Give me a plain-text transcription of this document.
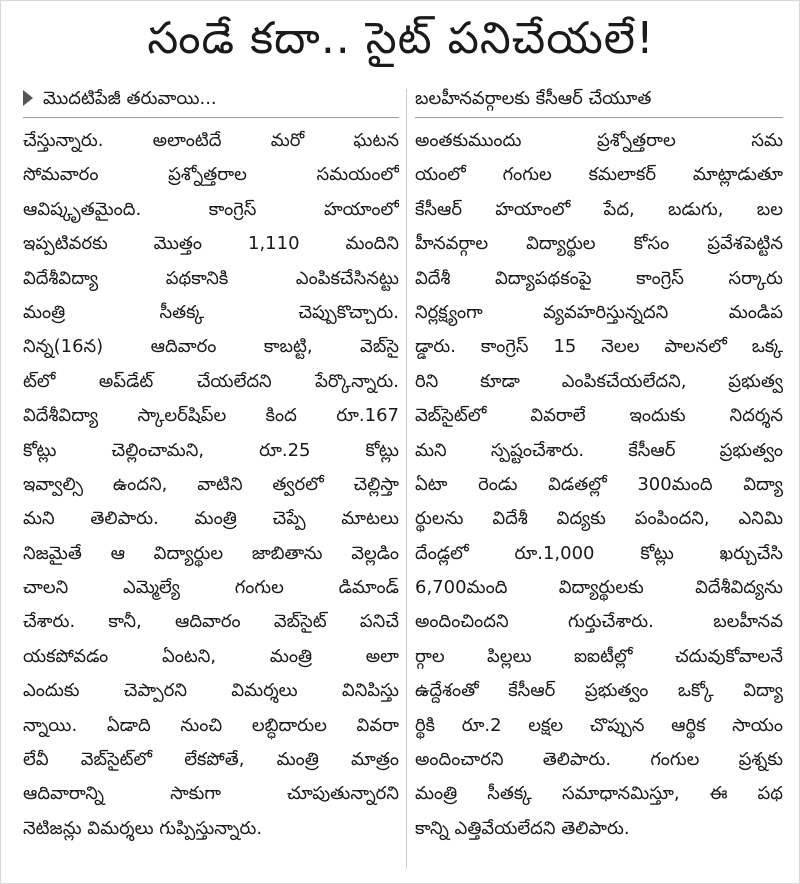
సండే కదా.. సైట్ పనిచేయలే!
మొదటిపేజీ తరువాయి...
చేస్తున్నారు. అలాంటిదే మరో ఘటన
సోమవారం ప్రశ్నోత్తరాల సమయంలో
ఆవిష్కృతమైంది. కాంగ్రెస్ హయాంలో
ఇప్పటివరకు మొత్తం 1,110 మందిని
విదేశీవిద్యా పథకానికి ఎంపికచేసినట్టు
మంత్రి సీతక్క చెప్పుకొచ్చారు.
నిన్న(16న) ఆదివారం కాబట్టి, వెబ్‌సై
ట్‌లో అప్‌డేట్ చేయలేదని పేర్కొన్నారు.
విదేశీవిద్యా స్కాలర్‌షిప్‌ల కింద రూ.167
కోట్లు చెల్లించామని, రూ.25 కోట్లు
ఇవ్వాల్సి ఉందని, వాటిని త్వరలో చెల్లిస్తా
మని తెలిపారు. మంత్రి చెప్పే మాటలు
నిజమైతే ఆ విద్యార్థుల జాబితాను వెల్లడిం
చాలని ఎమ్మెల్యే గంగుల డిమాండ్
చేశారు. కానీ, ఆదివారం వెబ్‌సైట్ పనిచే
యకపోవడం ఏంటని, మంత్రి అలా
ఎందుకు చెప్పారని విమర్శలు వినిపిస్తు
న్నాయి. ఏడాది నుంచి లబ్ధిదారుల వివరా
లేవీ వెబ్‌సైట్‌లో లేకపోతే, మంత్రి మాత్రం
ఆదివారాన్ని సాకుగా చూపుతున్నారని
నెటిజన్లు విమర్శలు గుప్పిస్తున్నారు.
బలహీనవర్గాలకు కేసీఆర్ చేయూత
అంతకుముందు ప్రశ్నోత్తరాల సమ
యంలో గంగుల కమలాకర్ మాట్లాడుతూ
కేసీఆర్ హయాంలో పేద, బడుగు, బల
హీనవర్గాల విద్యార్థుల కోసం ప్రవేశపెట్టిన
విదేశీ విద్యాపథకంపై కాంగ్రెస్ సర్కారు
నిర్లక్ష్యంగా వ్యవహరిస్తున్నదని మండిప
డ్డారు. కాంగ్రెస్ 15 నెలల పాలనలో ఒక్క
రిని కూడా ఎంపికచేయలేదని, ప్రభుత్వ
వెబ్‌సైట్‌లో వివరాలే ఇందుకు నిదర్శన
మని స్పష్టంచేశారు. కేసీఆర్ ప్రభుత్వం
ఏటా రెండు విడతల్లో 300మంది విద్యా
ర్థులను విదేశీ విద్యకు పంపిందని, ఎనిమి
దేండ్లలో రూ.1,000 కోట్లు ఖర్చుచేసి
6,700మంది విద్యార్థులకు విదేశీవిద్యను
అందించిందని గుర్తుచేశారు. బలహీనవ
ర్గాల పిల్లలు ఐఐటీల్లో చదువుకోవాలనే
ఉద్దేశంతో కేసీఆర్ ప్రభుత్వం ఒక్కో విద్యా
ర్థికి రూ.2 లక్షల చొప్పున ఆర్థిక సాయం
అందించారని తెలిపారు. గంగుల ప్రశ్నకు
మంత్రి సీతక్క సమాధానమిస్తూ, ఈ పథ
కాన్ని ఎత్తివేయలేదని తెలిపారు.
